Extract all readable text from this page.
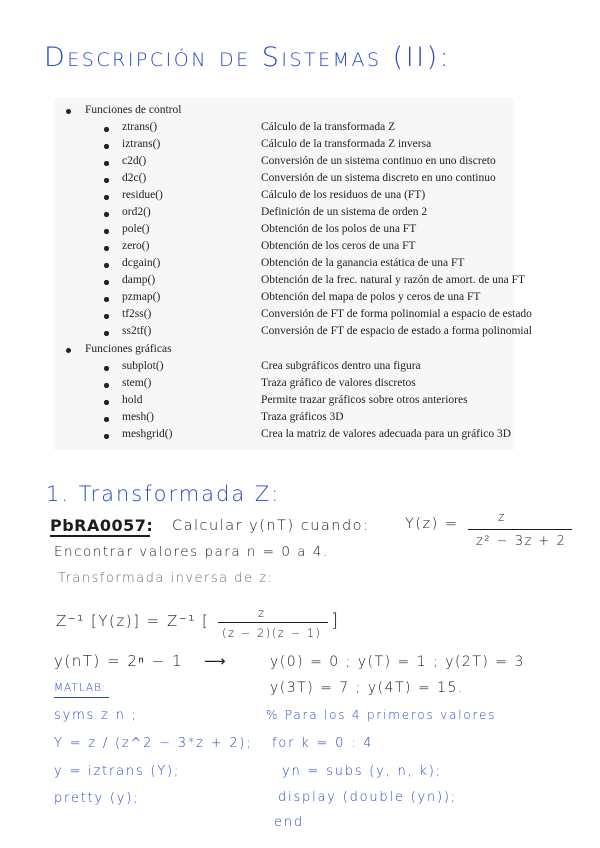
Descripción de Sistemas (II):
Funciones de control
ztrans()	Cálculo de la transformada Z
iztrans()	Cálculo de la transformada Z inversa
c2d()	Conversión de un sistema continuo en uno discreto
d2c()	Conversión de un sistema discreto en uno continuo
residue()	Cálculo de los residuos de una (FT)
ord2()	Definición de un sistema de orden 2
pole()	Obtención de los polos de una FT
zero()	Obtención de los ceros de una FT
dcgain()	Obtención de la ganancia estática de una FT
damp()	Obtención de la frec. natural y razón de amort. de una FT
pzmap()	Obtención del mapa de polos y ceros de una FT
tf2ss()	Conversión de FT de forma polinomial a espacio de estado
ss2tf()	Conversión de FT de espacio de estado a forma polinomial
Funciones gráficas
subplot()	Crea subgráficos dentro una figura
stem()	Traza gráfico de valores discretos
hold	Permite trazar gráficos sobre otros anteriores
mesh()	Traza gráficos 3D
meshgrid()	Crea la matriz de valores adecuada para un gráfico 3D
1. Transformada Z:
PbRA0057: Calcular y(nT) cuando: Y(z) =	z
z² − 3z + 2
Encontrar valores para n = 0 a 4.
Transformada inversa de z:
Z⁻¹ [Y(z)] = Z⁻¹ [	z
(z − 2)(z − 1)
]
y(nT) = 2ⁿ − 1 ⟶	y(0) = 0 ; y(T) = 1 ; y(2T) = 3
y(3T) = 7 ; y(4T) = 15.
MATLAB:
syms z n ;
Y = z / (z^2 − 3*z + 2);
y = iztrans (Y);
pretty (y);
% Para los 4 primeros valores
for k = 0 : 4
yn = subs (y, n, k);
display (double (yn));
end
